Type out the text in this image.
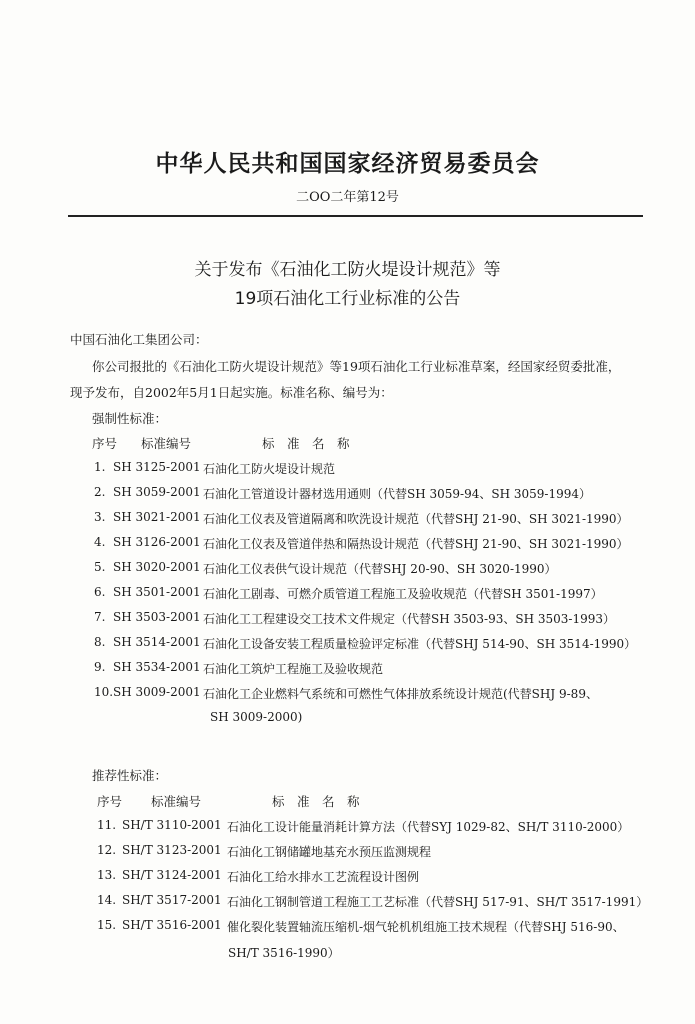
中华人民共和国国家经济贸易委员会
二OO二年第12号
关于发布《石油化工防火堤设计规范》等
19项石油化工行业标准的公告
中国石油化工集团公司：
你公司报批的《石油化工防火堤设计规范》等19项石油化工行业标准草案，经国家经贸委批准，
现予发布，自2002年5月1日起实施。标准名称、编号为：
强制性标准：
序号 标准编号	标　准　名　称
1. SH 3125-2001 石油化工防火堤设计规范
2. SH 3059-2001 石油化工管道设计器材选用通则（代替SH 3059-94、SH 3059-1994）
3. SH 3021-2001 石油化工仪表及管道隔离和吹洗设计规范（代替SHJ 21-90、SH 3021-1990）
4. SH 3126-2001 石油化工仪表及管道伴热和隔热设计规范（代替SHJ 21-90、SH 3021-1990）
5. SH 3020-2001 石油化工仪表供气设计规范（代替SHJ 20-90、SH 3020-1990）
6. SH 3501-2001 石油化工剧毒、可燃介质管道工程施工及验收规范（代替SH 3501-1997）
7. SH 3503-2001 石油化工工程建设交工技术文件规定（代替SH 3503-93、SH 3503-1993）
8. SH 3514-2001 石油化工设备安装工程质量检验评定标准（代替SHJ 514-90、SH 3514-1990）
9. SH 3534-2001 石油化工筑炉工程施工及验收规范
10. SH 3009-2001 石油化工企业燃料气系统和可燃性气体排放系统设计规范(代替SHJ 9-89、
SH 3009-2000)
推荐性标准：
序号 标准编号	标　准　名　称
11. SH/T 3110-2001 石油化工设计能量消耗计算方法（代替SYJ 1029-82、SH/T 3110-2000）
12. SH/T 3123-2001 石油化工钢储罐地基充水预压监测规程
13. SH/T 3124-2001 石油化工给水排水工艺流程设计图例
14. SH/T 3517-2001 石油化工钢制管道工程施工工艺标准（代替SHJ 517-91、SH/T 3517-1991）
15. SH/T 3516-2001 催化裂化装置轴流压缩机-烟气轮机机组施工技术规程（代替SHJ 516-90、
SH/T 3516-1990）
